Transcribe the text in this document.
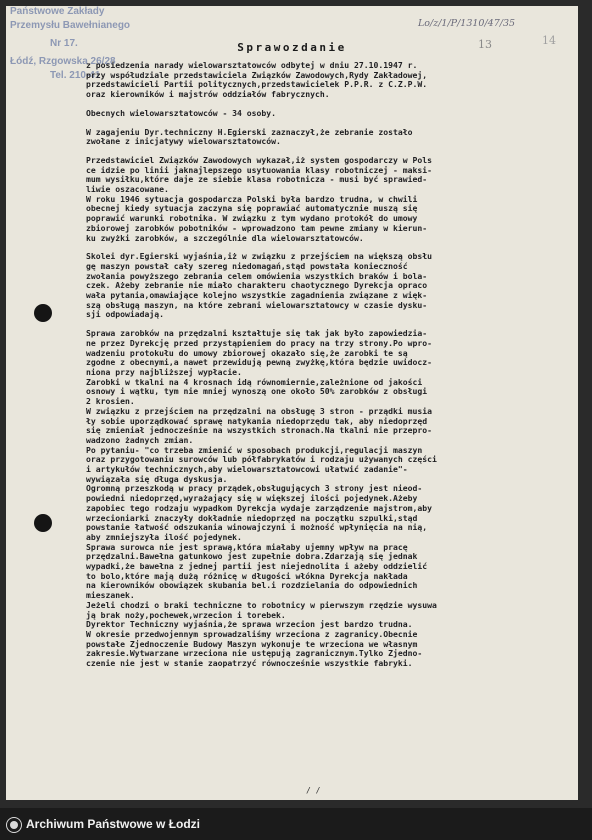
Państwowe Zakłady
Przemysłu Bawełnianego
Nr 17.
Łódź, Rzgowska 26/28
Tel. 210-41
Lo/z/1/P/1310/47/35
13	14
Sprawozdanie
z posiedzenia narady wielowarsztatowców odbytej w dniu 27.10.1947 r.
przy współudziale przedstawiciela Związków Zawodowych,Rydy Zakładowej,
przedstawicieli Partii politycznych,przedstawicielek P.P.R. z C.Z.P.W.
oraz kierowników i majstrów oddziałów fabrycznych.
Obecnych wielowarsztatowców - 34 osoby.
W zagajeniu Dyr.techniczny H.Egierski zaznaczył,że zebranie zostało
zwołane z inicjatywy wielowarsztatowców.
Przedstawiciel Związków Zawodowych wykazał,iż system gospodarczy w Pols
ce idzie po linii jaknajlepszego usytuowania klasy robotniczej - maksi-
mum wysiłku,które daje ze siebie klasa robotnicza - musi być sprawied-
liwie oszacowane.
W roku 1946 sytuacja gospodarcza Polski była bardzo trudna, w chwili
obecnej kiedy sytuacja zaczyna się poprawiać automatycznie muszą się
poprawić warunki robotnika. W związku z tym wydano protokół do umowy
zbiorowej zarobków pobotników - wprowadzono tam pewne zmiany w kierun-
ku zwyżki zarobków, a szczególnie dla wielowarsztatowców.
Skolei dyr.Egierski wyjaśnia,iż w związku z przejściem na większą obsłu
gę maszyn powstał cały szereg niedomagań,stąd powstała konieczność
zwołania powyższego zebrania celem omówienia wszystkich braków i bola-
czek. Ażeby zebranie nie miało charakteru chaotycznego Dyrekcja opraco
wała pytania,omawiające kolejno wszystkie zagadnienia związane z więk-
szą obsługą maszyn, na które zebrani wielowarsztatowcy w czasie dysku-
sji odpowiadają.
Sprawa zarobków na przędzalni kształtuje się tak jak było zapowiedzia-
ne przez Dyrekcję przed przystąpieniem do pracy na trzy strony.Po wpro-
wadzeniu protokułu do umowy zbiorowej okazało się,że zarobki te są
zgodne z obecnymi,a nawet przewidują pewną zwyżkę,która będzie uwidocz-
niona przy najbliższej wypłacie.
Zarobki w tkalni na 4 krosnach idą równomiernie,zależnione od jakości
osnowy i wątku, tym nie mniej wynoszą one około 50% zarobków z obsługi
2 krosien.
W związku z przejściem na przędzalni na obsługę 3 stron - prządki musia
ły sobie uporządkować sprawę natykania niedoprzędu tak, aby niedoprzęd
się zmieniał jednocześnie na wszystkich stronach.Na tkalni nie przepro-
wadzono żadnych zmian.
Po pytaniu- "co trzeba zmienić w sposobach produkcji,regulacji maszyn
oraz przygotowaniu surowców lub półfabrykatów i rodzaju używanych części
i artykułów technicznych,aby wielowarsztatowcowi ułatwić zadanie"-
wywiązała się długa dyskusja.
Ogromną przeszkodą w pracy prządek,obsługujących 3 strony jest nieod-
powiedni niedoprzęd,wyrażający się w większej ilości pojedynek.Ażeby
zapobiec tego rodzaju wypadkom Dyrekcja wydaje zarządzenie majstrom,aby
wrzecioniarki znaczyły dokładnie niedoprzęd na początku szpulki,stąd
powstanie łatwość odszukania winowajczyni i możność wpłynięcia na nią,
aby zmniejszyła ilość pojedynek.
Sprawa surowca nie jest sprawą,która miałaby ujemny wpływ na pracę
przędzalni.Bawełna gatunkowo jest zupełnie dobra.Zdarzają się jednak
wypadki,że bawełna z jednej partii jest niejednolita i ażeby oddzielić
to bolo,które mają dużą różnicę w długości włókna Dyrekcja nakłada
na kierowników obowiązek skubania bel.i rozdzielania do odpowiednich
mieszanek.
Jeżeli chodzi o braki techniczne to robotnicy w pierwszym rzędzie wysuwa
ją brak noży,pochewek,wrzecion i torebek.
Dyrektor Techniczny wyjaśnia,że sprawa wrzecion jest bardzo trudna.
W okresie przedwojennym sprowadzaliśmy wrzeciona z zagranicy.Obecnie
powstałe Zjednoczenie Budowy Maszyn wykonuje te wrzeciona we własnym
zakresie.Wytwarzane wrzeciona nie ustępują zagranicznym.Tylko Zjedno-
czenie nie jest w stanie zaopatrzyć równocześnie wszystkie fabryki.
/ /
Archiwum Państwowe w Łodzi
